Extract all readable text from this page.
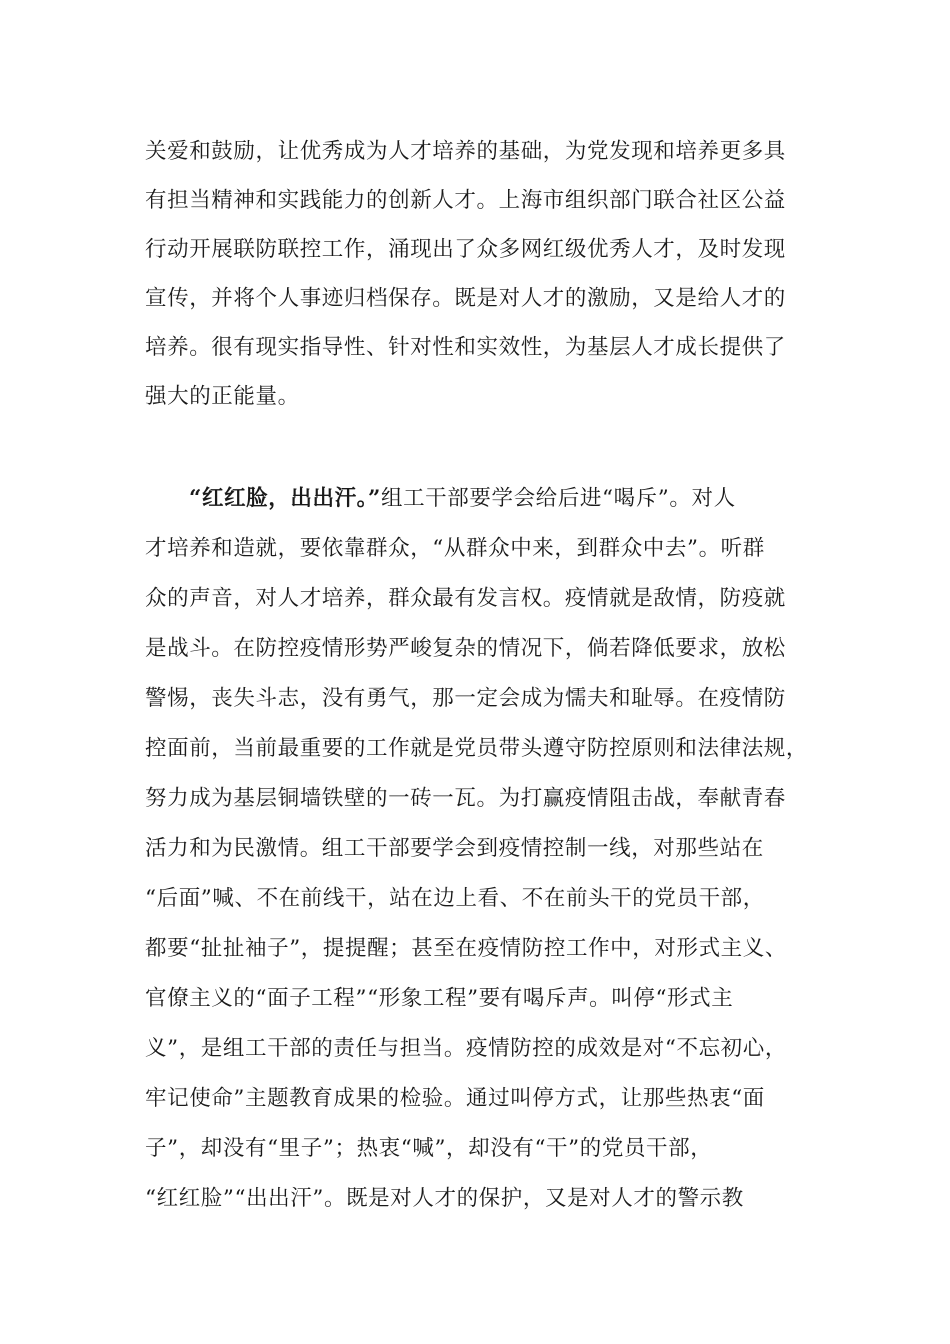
关爱和鼓励，让优秀成为人才培养的基础，为党发现和培养更多具
有担当精神和实践能力的创新人才。上海市组织部门联合社区公益
行动开展联防联控工作，涌现出了众多网红级优秀人才，及时发现
宣传，并将个人事迹归档保存。既是对人才的激励，又是给人才的
培养。很有现实指导性、针对性和实效性，为基层人才成长提供了
强大的正能量。
“红红脸，出出汗。”组工干部要学会给后进“喝斥”。对人
才培养和造就，要依靠群众，“从群众中来，到群众中去”。听群
众的声音，对人才培养，群众最有发言权。疫情就是敌情，防疫就
是战斗。在防控疫情形势严峻复杂的情况下，倘若降低要求，放松
警惕，丧失斗志，没有勇气，那一定会成为懦夫和耻辱。在疫情防
控面前，当前最重要的工作就是党员带头遵守防控原则和法律法规，
努力成为基层铜墙铁壁的一砖一瓦。为打赢疫情阻击战，奉献青春
活力和为民激情。组工干部要学会到疫情控制一线，对那些站在
“后面”喊、不在前线干，站在边上看、不在前头干的党员干部，
都要“扯扯袖子”，提提醒；甚至在疫情防控工作中，对形式主义、
官僚主义的“面子工程”“形象工程”要有喝斥声。叫停“形式主
义”，是组工干部的责任与担当。疫情防控的成效是对“不忘初心，
牢记使命”主题教育成果的检验。通过叫停方式，让那些热衷“面
子”，却没有“里子”；热衷“喊”，却没有“干”的党员干部，
“红红脸”“出出汗”。既是对人才的保护，又是对人才的警示教
